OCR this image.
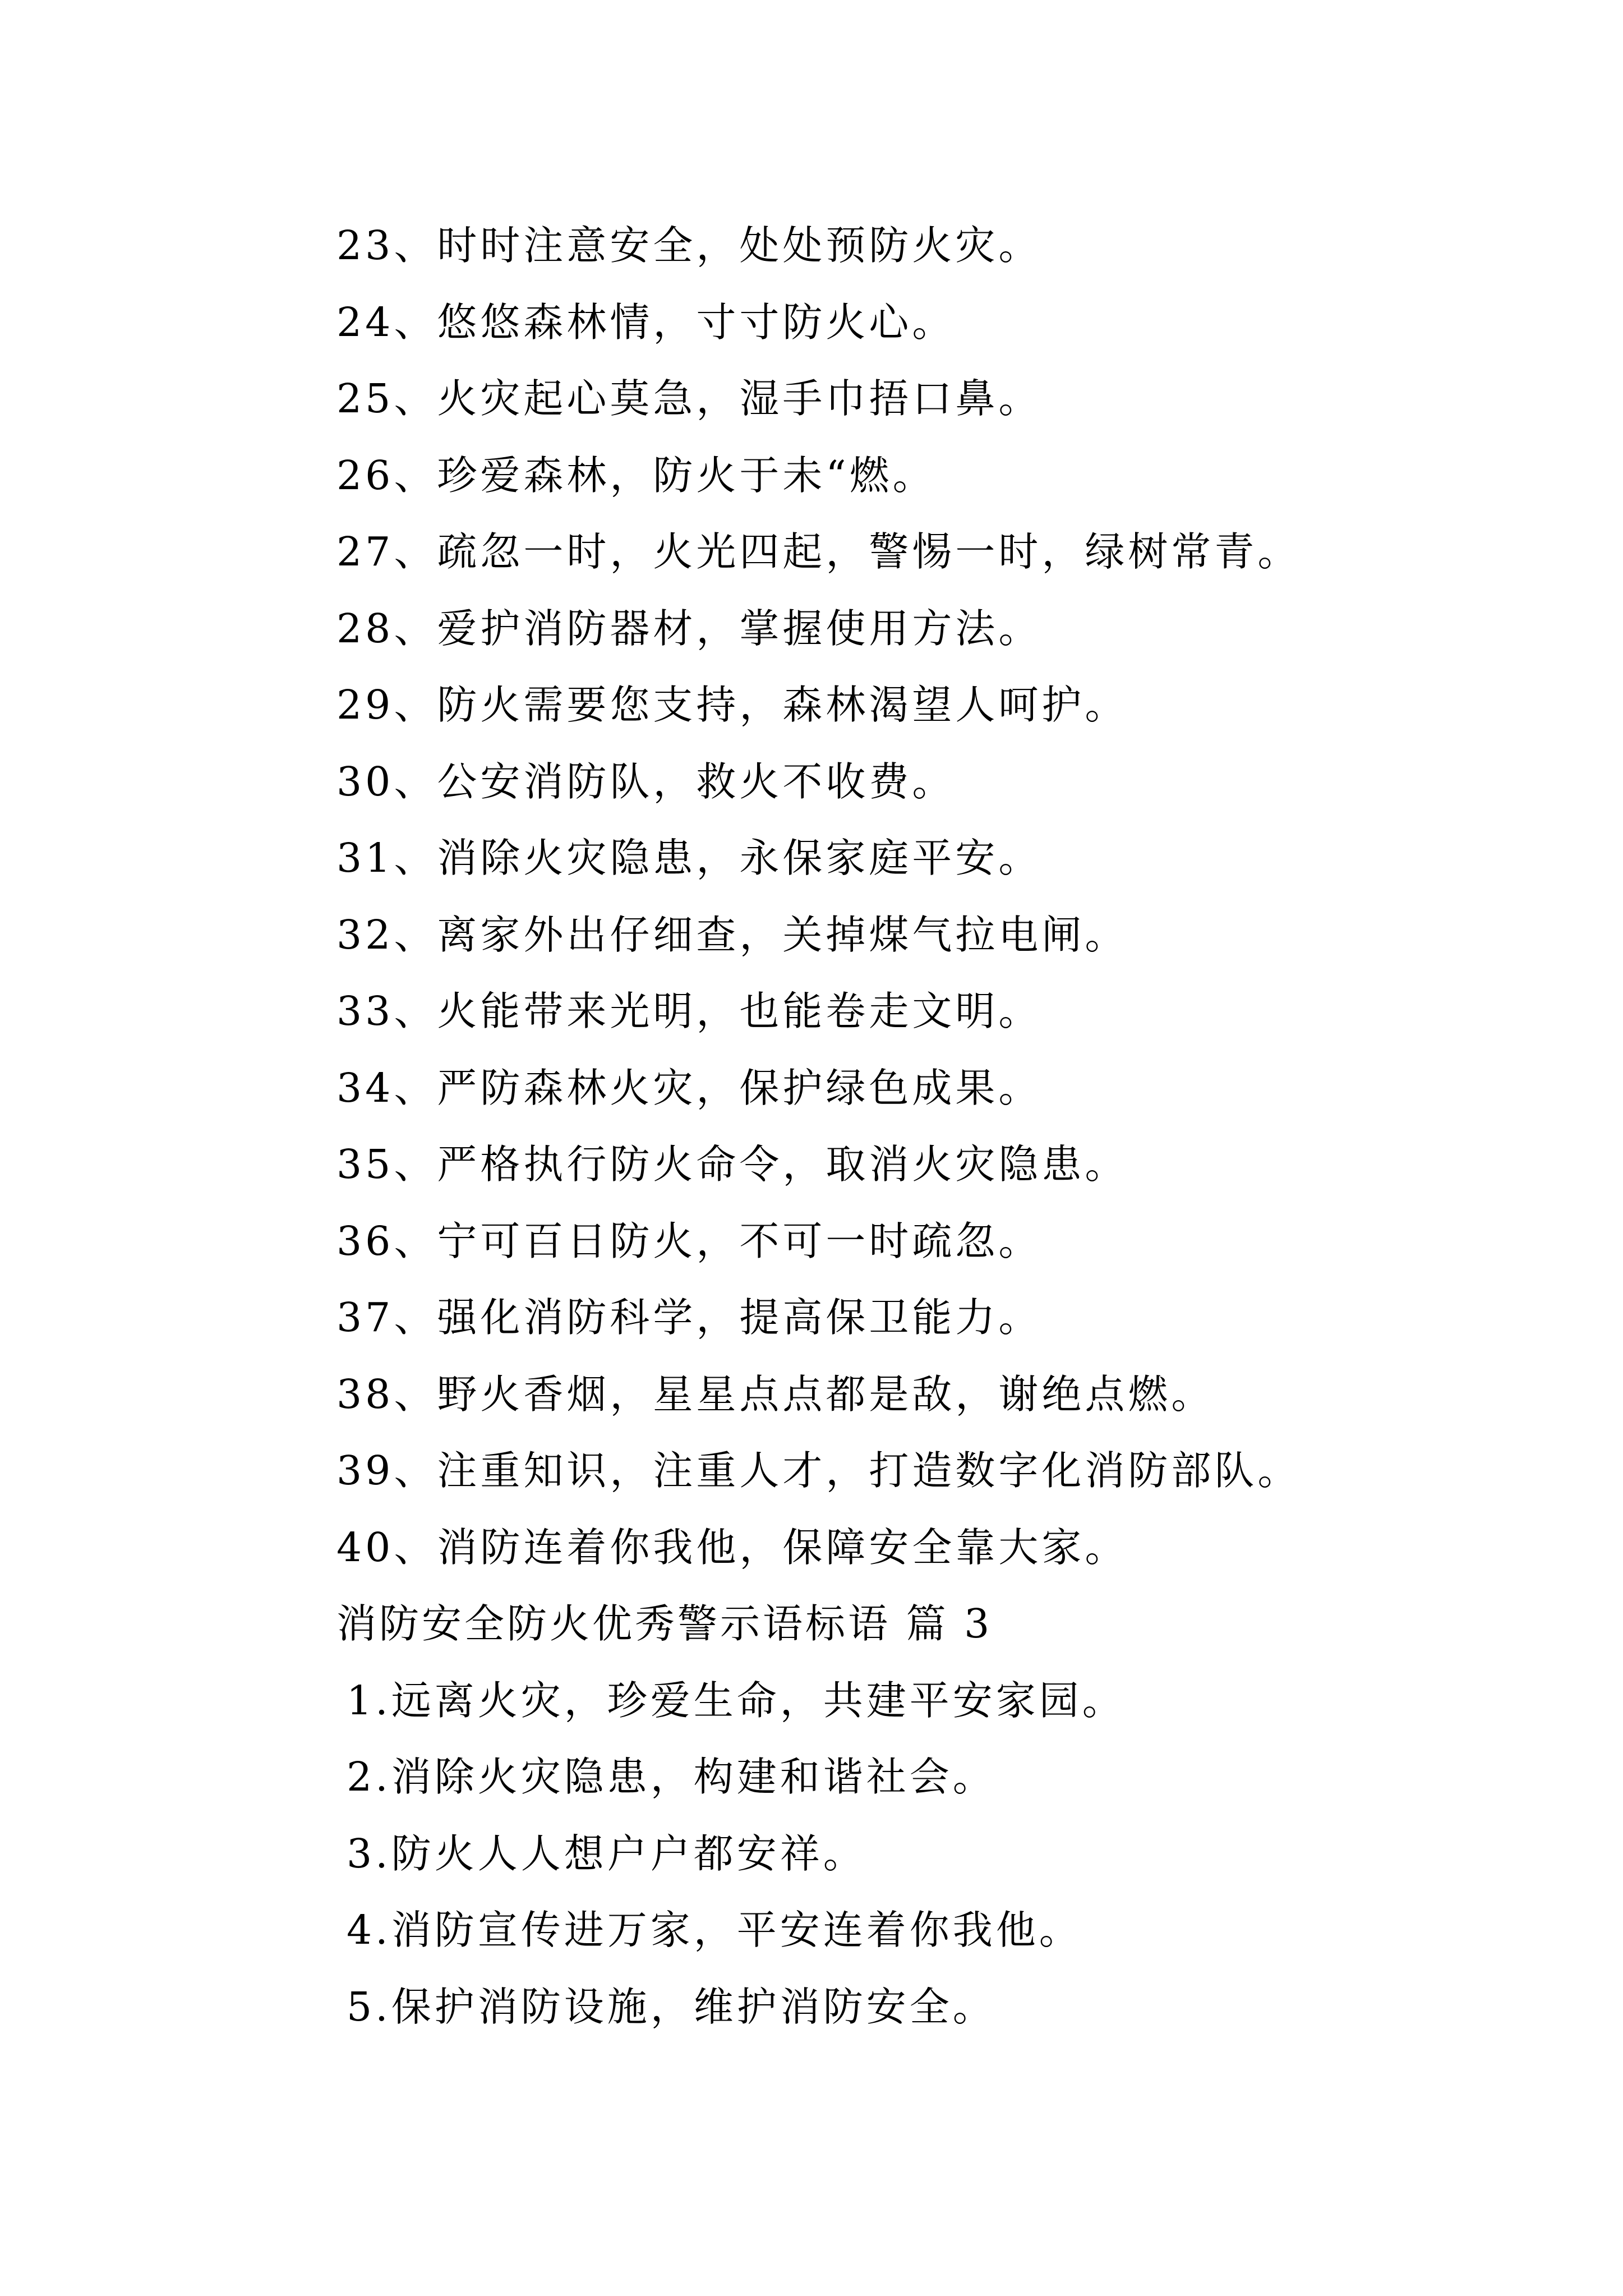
23、时时注意安全，处处预防火灾。
24、悠悠森林情，寸寸防火心。
25、火灾起心莫急，湿手巾捂口鼻。
26、珍爱森林，防火于未“燃。
27、疏忽一时，火光四起，警惕一时，绿树常青。
28、爱护消防器材，掌握使用方法。
29、防火需要您支持，森林渴望人呵护。
30、公安消防队，救火不收费。
31、消除火灾隐患，永保家庭平安。
32、离家外出仔细查，关掉煤气拉电闸。
33、火能带来光明，也能卷走文明。
34、严防森林火灾，保护绿色成果。
35、严格执行防火命令，取消火灾隐患。
36、宁可百日防火，不可一时疏忽。
37、强化消防科学，提高保卫能力。
38、野火香烟，星星点点都是敌，谢绝点燃。
39、注重知识，注重人才，打造数字化消防部队。
40、消防连着你我他，保障安全靠大家。
消防安全防火优秀警示语标语 篇 3
1.远离火灾，珍爱生命，共建平安家园。
2.消除火灾隐患，构建和谐社会。
3.防火人人想户户都安祥。
4.消防宣传进万家，平安连着你我他。
5.保护消防设施，维护消防安全。
